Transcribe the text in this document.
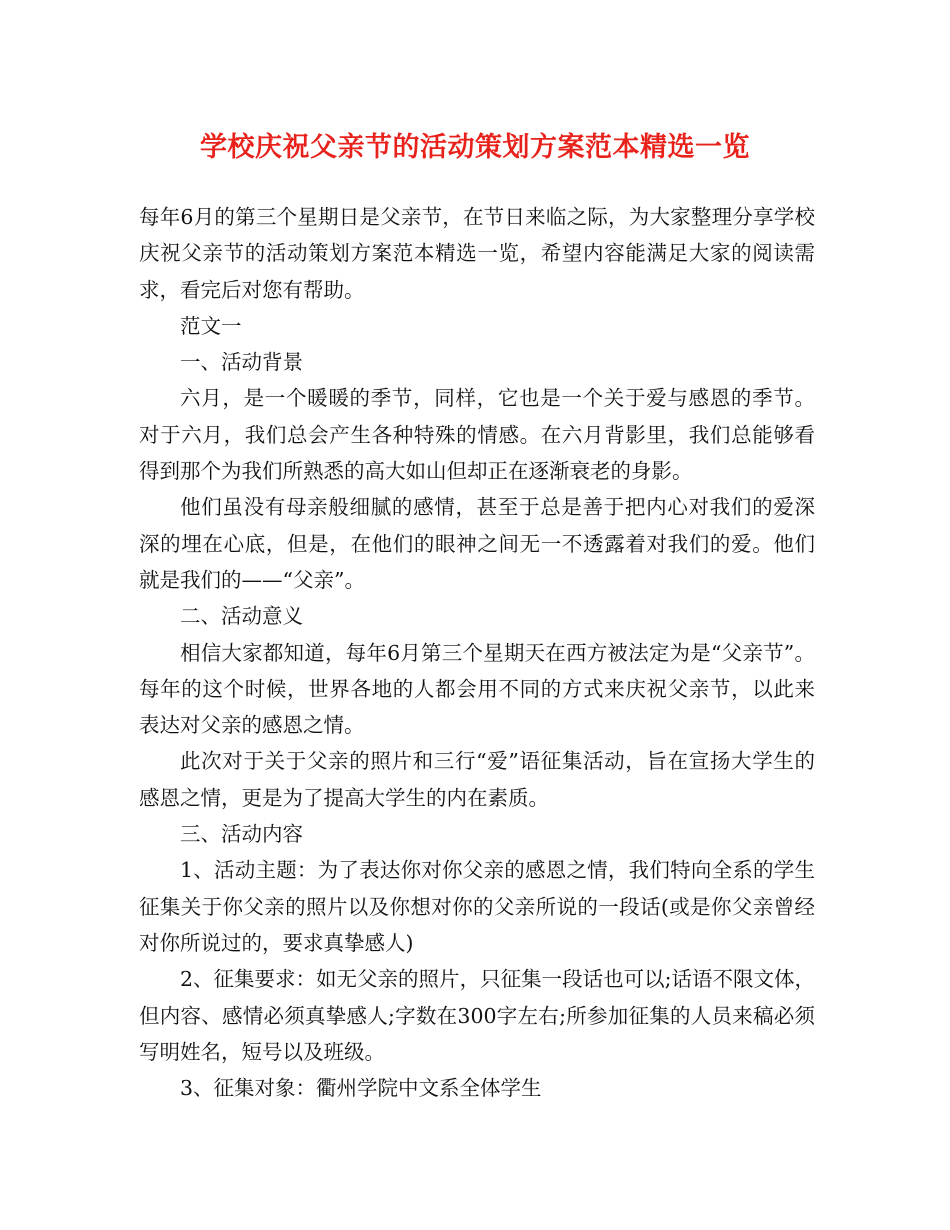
学校庆祝父亲节的活动策划方案范本精选一览

每年6月的第三个星期日是父亲节，在节日来临之际，为大家整理分享学校庆祝父亲节的活动策划方案范本精选一览，希望内容能满足大家的阅读需求，看完后对您有帮助。

范文一

一、活动背景

六月，是一个暖暖的季节，同样，它也是一个关于爱与感恩的季节。对于六月，我们总会产生各种特殊的情感。在六月背影里，我们总能够看得到那个为我们所熟悉的高大如山但却正在逐渐衰老的身影。

他们虽没有母亲般细腻的感情，甚至于总是善于把内心对我们的爱深深的埋在心底，但是，在他们的眼神之间无一不透露着对我们的爱。他们就是我们的——“父亲”。

二、活动意义

相信大家都知道，每年6月第三个星期天在西方被法定为是“父亲节”。每年的这个时候，世界各地的人都会用不同的方式来庆祝父亲节，以此来表达对父亲的感恩之情。

此次对于关于父亲的照片和三行“爱”语征集活动，旨在宣扬大学生的感恩之情，更是为了提高大学生的内在素质。

三、活动内容

1、活动主题：为了表达你对你父亲的感恩之情，我们特向全系的学生征集关于你父亲的照片以及你想对你的父亲所说的一段话(或是你父亲曾经对你所说过的，要求真挚感人)

2、征集要求：如无父亲的照片，只征集一段话也可以;话语不限文体，但内容、感情必须真挚感人;字数在300字左右;所参加征集的人员来稿必须写明姓名，短号以及班级。

3、征集对象：衢州学院中文系全体学生
